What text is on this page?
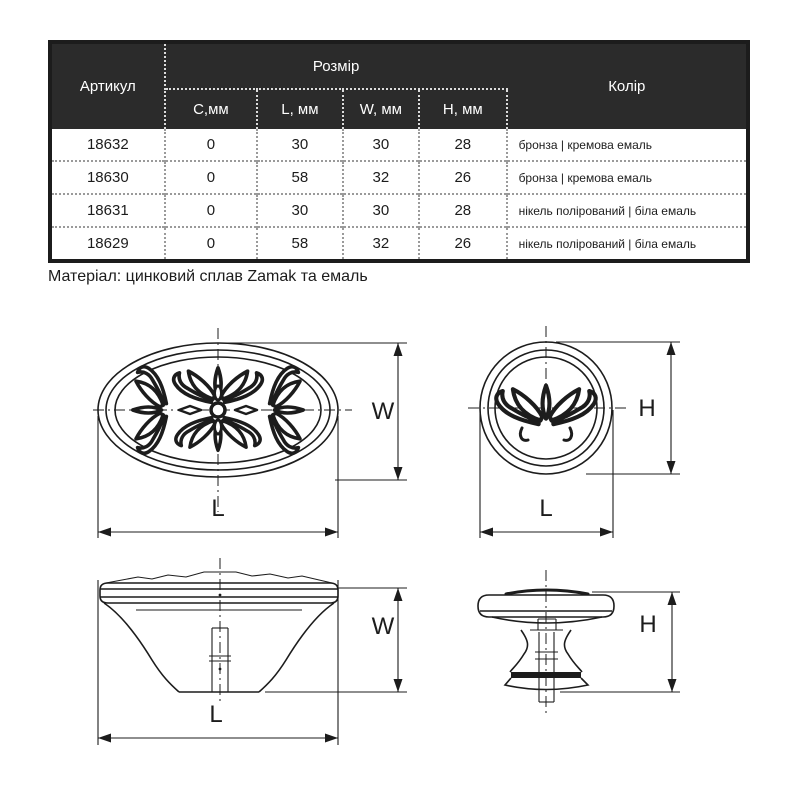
Артикул	Розмір				Колір
	C,мм	L, мм	W, мм	H, мм	
18632	0	30	30	28	бронза | кремова емаль
18630	0	58	32	26	бронза | кремова емаль
18631	0	30	30	28	нікель полірований | біла емаль
18629	0	58	32	26	нікель полірований | біла емаль
Матеріал: цинковий сплав Zamak та емаль
W
L
H
L
W
L
H
